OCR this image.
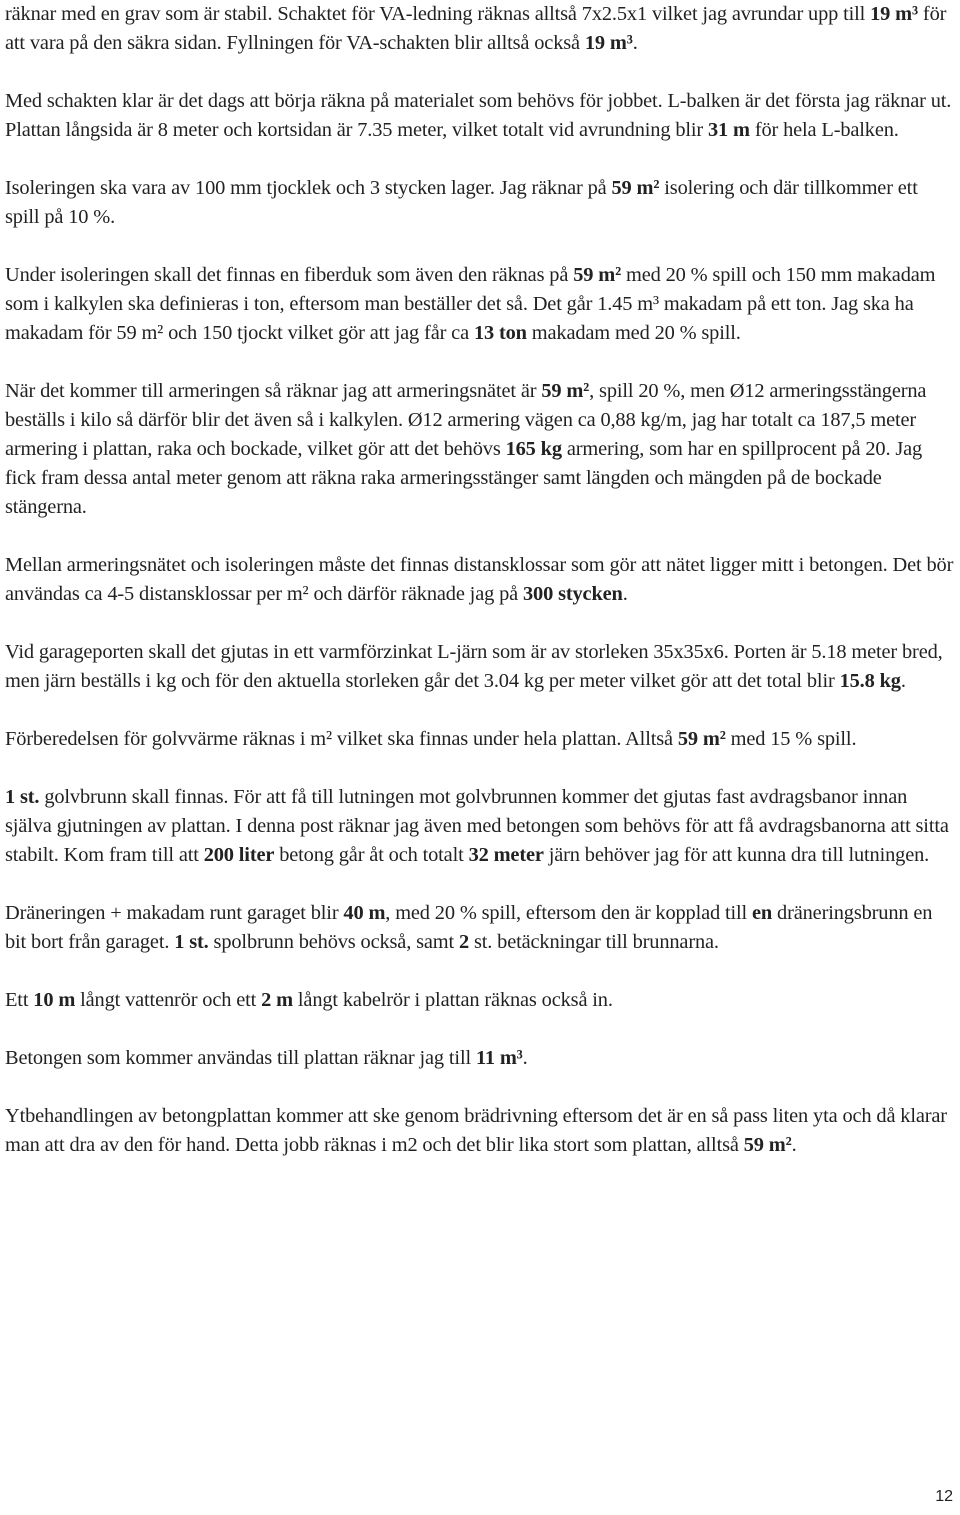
räknar med en grav som är stabil. Schaktet för VA-ledning räknas alltså 7x2.5x1 vilket jag avrundar upp till 19 m³ för att vara på den säkra sidan. Fyllningen för VA-schakten blir alltså också 19 m³.

Med schakten klar är det dags att börja räkna på materialet som behövs för jobbet. L-balken är det första jag räknar ut. Plattan långsida är 8 meter och kortsidan är 7.35 meter, vilket totalt vid avrundning blir 31 m för hela L-balken.

Isoleringen ska vara av 100 mm tjocklek och 3 stycken lager. Jag räknar på 59 m² isolering och där tillkommer ett spill på 10 %.

Under isoleringen skall det finnas en fiberduk som även den räknas på 59 m² med 20 % spill och 150 mm makadam som i kalkylen ska definieras i ton, eftersom man beställer det så. Det går 1.45 m³ makadam på ett ton. Jag ska ha makadam för 59 m² och 150 tjockt vilket gör att jag får ca 13 ton makadam med 20 % spill.

När det kommer till armeringen så räknar jag att armeringsnätet är 59 m², spill 20 %, men Ø12 armeringsstängerna beställs i kilo så därför blir det även så i kalkylen. Ø12 armering vägen ca 0,88 kg/m, jag har totalt ca 187,5 meter armering i plattan, raka och bockade, vilket gör att det behövs 165 kg armering, som har en spillprocent på 20. Jag fick fram dessa antal meter genom att räkna raka armeringsstänger samt längden och mängden på de bockade stängerna.

Mellan armeringsnätet och isoleringen måste det finnas distansklossar som gör att nätet ligger mitt i betongen. Det bör användas ca 4-5 distansklossar per m² och därför räknade jag på 300 stycken.

Vid garageporten skall det gjutas in ett varmförzinkat L-järn som är av storleken 35x35x6. Porten är 5.18 meter bred, men järn beställs i kg och för den aktuella storleken går det 3.04 kg per meter vilket gör att det total blir 15.8 kg.

Förberedelsen för golvvärme räknas i m² vilket ska finnas under hela plattan. Alltså 59 m² med 15 % spill.

1 st. golvbrunn skall finnas. För att få till lutningen mot golvbrunnen kommer det gjutas fast avdragsbanor innan själva gjutningen av plattan. I denna post räknar jag även med betongen som behövs för att få avdragsbanorna att sitta stabilt. Kom fram till att 200 liter betong går åt och totalt 32 meter järn behöver jag för att kunna dra till lutningen.

Dräneringen + makadam runt garaget blir 40 m, med 20 % spill, eftersom den är kopplad till en dräneringsbrunn en bit bort från garaget. 1 st. spolbrunn behövs också, samt 2 st. betäckningar till brunnarna.

Ett 10 m långt vattenrör och ett 2 m långt kabelrör i plattan räknas också in.

Betongen som kommer användas till plattan räknar jag till 11 m³.

Ytbehandlingen av betongplattan kommer att ske genom brädrivning eftersom det är en så pass liten yta och då klarar man att dra av den för hand. Detta jobb räknas i m2 och det blir lika stort som plattan, alltså 59 m².

12
